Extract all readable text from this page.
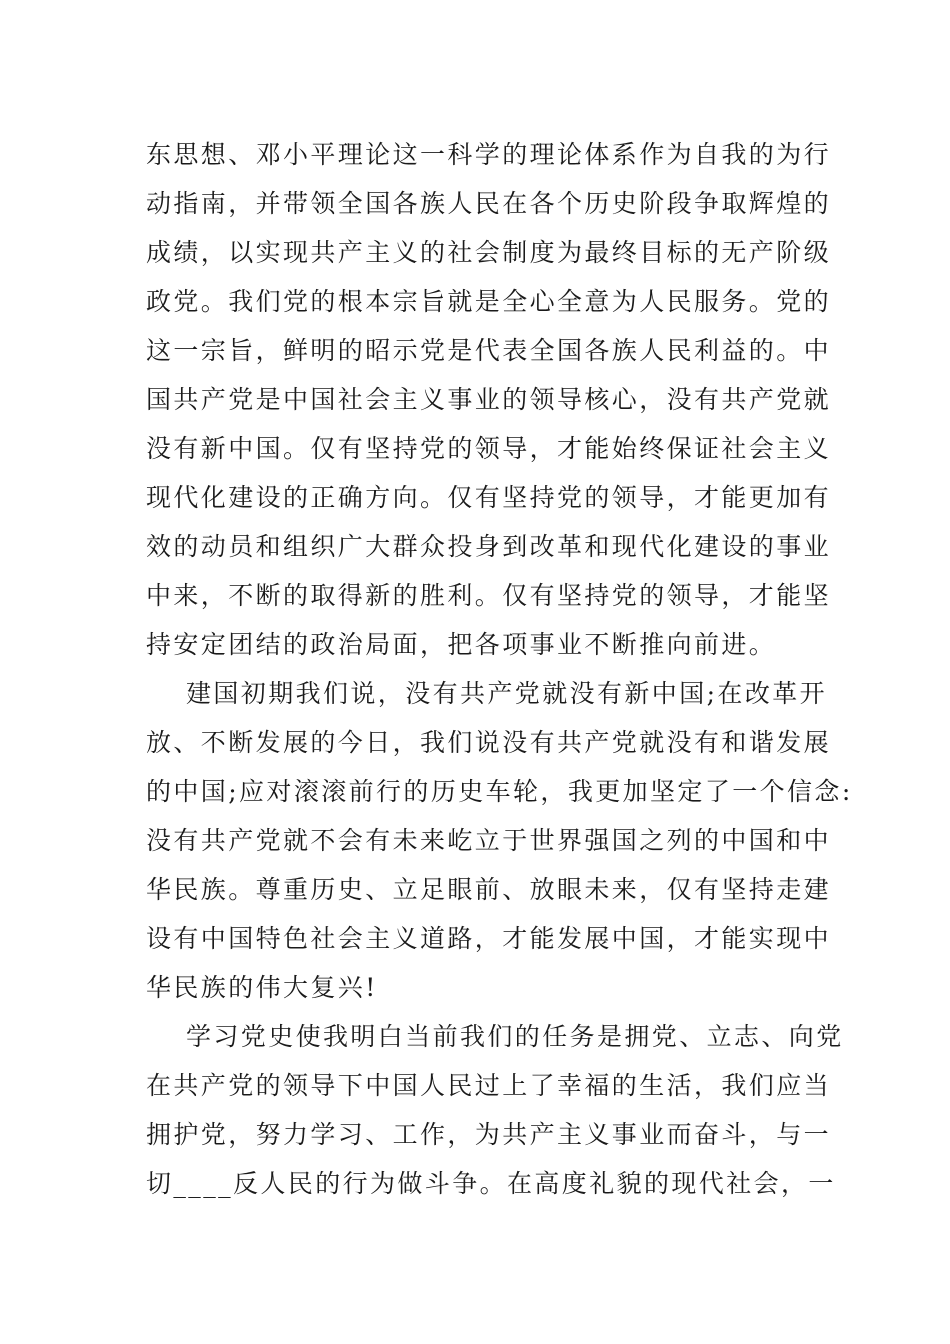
东思想、邓小平理论这一科学的理论体系作为自我的为行
动指南，并带领全国各族人民在各个历史阶段争取辉煌的
成绩，以实现共产主义的社会制度为最终目标的无产阶级
政党。我们党的根本宗旨就是全心全意为人民服务。党的
这一宗旨，鲜明的昭示党是代表全国各族人民利益的。中
国共产党是中国社会主义事业的领导核心，没有共产党就
没有新中国。仅有坚持党的领导，才能始终保证社会主义
现代化建设的正确方向。仅有坚持党的领导，才能更加有
效的动员和组织广大群众投身到改革和现代化建设的事业
中来，不断的取得新的胜利。仅有坚持党的领导，才能坚
持安定团结的政治局面，把各项事业不断推向前进。
建国初期我们说，没有共产党就没有新中国;在改革开
放、不断发展的今日，我们说没有共产党就没有和谐发展
的中国;应对滚滚前行的历史车轮，我更加坚定了一个信念:
没有共产党就不会有未来屹立于世界强国之列的中国和中
华民族。尊重历史、立足眼前、放眼未来，仅有坚持走建
设有中国特色社会主义道路，才能发展中国，才能实现中
华民族的伟大复兴!
学习党史使我明白当前我们的任务是拥党、立志、向党
在共产党的领导下中国人民过上了幸福的生活，我们应当
拥护党，努力学习、工作，为共产主义事业而奋斗，与一
切____反人民的行为做斗争。在高度礼貌的现代社会，一
